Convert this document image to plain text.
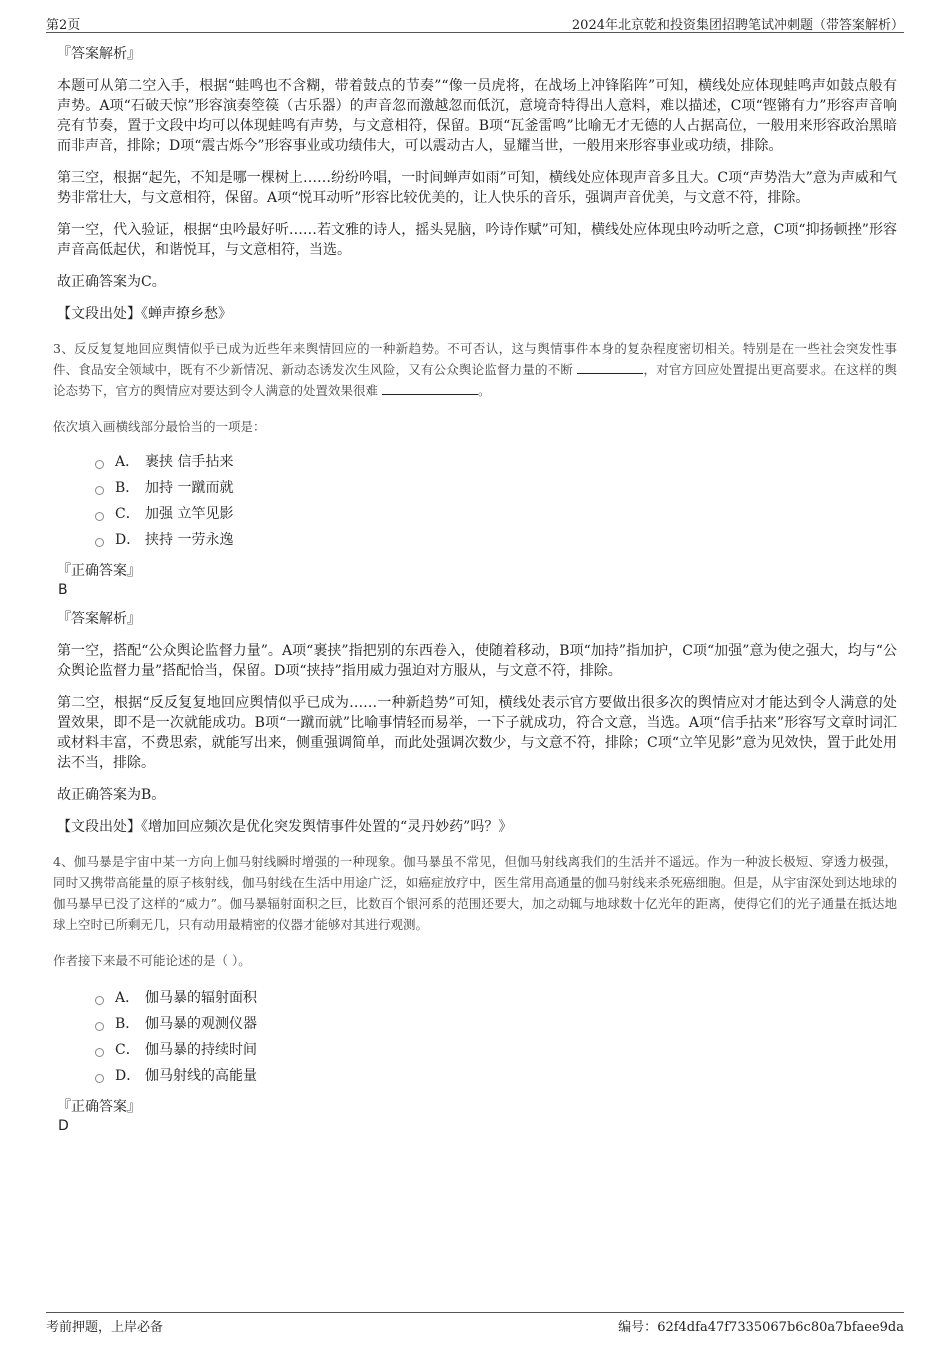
第2页	2024年北京乾和投资集团招聘笔试冲刺题（带答案解析）
『答案解析』

本题可从第二空入手，根据“蛙鸣也不含糊，带着鼓点的节奏”“像一员虎将，在战场上冲锋陷阵”可知，横线处应体现蛙鸣声如鼓点般有声势。A项“石破天惊”形容演奏箜篌（古乐器）的声音忽而激越忽而低沉，意境奇特得出人意料，难以描述，C项“铿锵有力”形容声音响亮有节奏，置于文段中均可以体现蛙鸣有声势，与文意相符，保留。B项“瓦釜雷鸣”比喻无才无德的人占据高位，一般用来形容政治黑暗而非声音，排除；D项“震古烁今”形容事业或功绩伟大，可以震动古人，显耀当世，一般用来形容事业或功绩，排除。

第三空，根据“起先，不知是哪一棵树上……纷纷吟唱，一时间蝉声如雨”可知，横线处应体现声音多且大。C项“声势浩大”意为声威和气势非常壮大，与文意相符，保留。A项“悦耳动听”形容比较优美的，让人快乐的音乐，强调声音优美，与文意不符，排除。

第一空，代入验证，根据“虫吟最好听……若文雅的诗人，摇头晃脑，吟诗作赋”可知，横线处应体现虫吟动听之意，C项“抑扬顿挫”形容声音高低起伏，和谐悦耳，与文意相符，当选。

故正确答案为C。

【文段出处】《蝉声撩乡愁》

3、反反复复地回应舆情似乎已成为近些年来舆情回应的一种新趋势。不可否认，这与舆情事件本身的复杂程度密切相关。特别是在一些社会突发性事件、食品安全领域中，既有不少新情况、新动态诱发次生风险，又有公众舆论监督力量的不断	，对官方回应处置提出更高要求。在这样的舆论态势下，官方的舆情应对要达到令人满意的处置效果很难	。

依次填入画横线部分最恰当的一项是：

A． 裹挟 信手拈来
B． 加持 一蹴而就
C． 加强 立竿见影
D． 挟持 一劳永逸
『正确答案』
B
『答案解析』

第一空，搭配“公众舆论监督力量”。A项“裹挟”指把别的东西卷入，使随着移动，B项“加持”指加护，C项“加强”意为使之强大，均与“公众舆论监督力量”搭配恰当，保留。D项“挟持”指用威力强迫对方服从，与文意不符，排除。

第二空，根据“反反复复地回应舆情似乎已成为……一种新趋势”可知，横线处表示官方要做出很多次的舆情应对才能达到令人满意的处置效果，即不是一次就能成功。B项“一蹴而就”比喻事情轻而易举，一下子就成功，符合文意，当选。A项“信手拈来”形容写文章时词汇或材料丰富，不费思索，就能写出来，侧重强调简单，而此处强调次数少，与文意不符，排除；C项“立竿见影”意为见效快，置于此处用法不当，排除。

故正确答案为B。

【文段出处】《增加回应频次是优化突发舆情事件处置的“灵丹妙药”吗？》

4、伽马暴是宇宙中某一方向上伽马射线瞬时增强的一种现象。伽马暴虽不常见，但伽马射线离我们的生活并不遥远。作为一种波长极短、穿透力极强，同时又携带高能量的原子核射线，伽马射线在生活中用途广泛，如癌症放疗中，医生常用高通量的伽马射线来杀死癌细胞。但是，从宇宙深处到达地球的伽马暴早已没了这样的“威力”。伽马暴辐射面积之巨，比数百个银河系的范围还要大，加之动辄与地球数十亿光年的距离，使得它们的光子通量在抵达地球上空时已所剩无几，只有动用最精密的仪器才能够对其进行观测。

作者接下来最不可能论述的是（ ）。

A． 伽马暴的辐射面积
B． 伽马暴的观测仪器
C． 伽马暴的持续时间
D． 伽马射线的高能量
『正确答案』
D
考前押题，上岸必备	编号：62f4dfa47f7335067b6c80a7bfaee9da
